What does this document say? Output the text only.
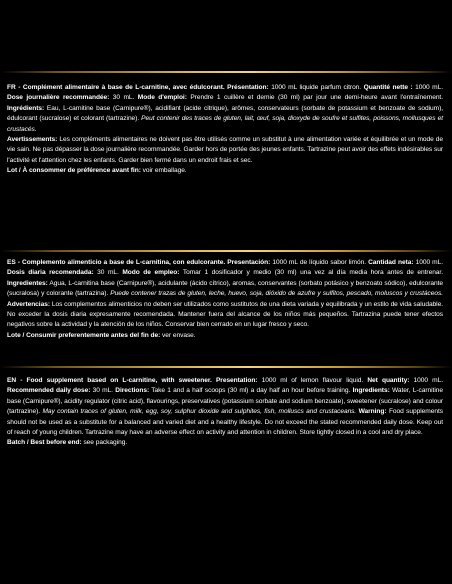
FR - Complément alimentaire à base de L-carnitine, avec édulcorant. Présentation: 1000 mL liquide parfum citron. Quantité nette : 1000 mL. Dose journalière recommandée: 30 mL. Mode d'emploi: Prendre 1 cuillère et demie (30 ml) par jour une demi-heure avant l'entraînement. Ingrédients: Eau, L-carnitine base (Carnipure®), acidifiant (acide citrique), arômes, conservateurs (sorbate de potassium et benzoate de sodium), édulcorant (sucralose) et colorant (tartrazine). Peut contenir des traces de gluten, lait, œuf, soja, dioxyde de soufre et sulfites, poissons, mollusques et crustacés.

Avertissements: Les compléments alimentaires ne doivent pas être utilisés comme un substitut à une alimentation variée et équilibrée et un mode de vie sain. Ne pas dépasser la dose journalière recommandée. Garder hors de portée des jeunes enfants. Tartrazine peut avoir des effets indésirables sur l'activité et l'attention chez les enfants. Garder bien fermé dans un endroit frais et sec.

Lot / À consommer de préférence avant fin: voir emballage.

ES - Complemento alimenticio a base de L-carnitina, con edulcorante. Presentación: 1000 mL de líquido sabor limón. Cantidad neta: 1000 mL. Dosis diaria recomendada: 30 mL. Modo de empleo: Tomar 1 dosificador y medio (30 ml) una vez al día media hora antes de entrenar. Ingredientes: Agua, L-carnitina base (Carnipure®), acidulante (ácido cítrico), aromas, conservantes (sorbato potásico y benzoato sódico), edulcorante (sucralosa) y colorante (tartrazina). Puede contener trazas de gluten, leche, huevo, soja, dióxido de azufre y sulfitos, pescado, moluscos y crustáceos. Advertencias: Los complementos alimenticios no deben ser utilizados como sustitutos de una dieta variada y equilibrada y un estilo de vida saludable. No exceder la dosis diaria expresamente recomendada. Mantener fuera del alcance de los niños más pequeños. Tartrazina puede tener efectos negativos sobre la actividad y la atención de los niños. Conservar bien cerrado en un lugar fresco y seco.

Lote / Consumir preferentemente antes del fin de: ver envase.

EN - Food supplement based on L-carnitine, with sweetener. Presentation: 1000 ml of lemon flavour liquid. Net quantity: 1000 mL. Recommended daily dose: 30 mL. Directions: Take 1 and a half scoops (30 ml) a day half an hour before training. Ingredients: Water, L-carnitine base (Carnipure®), acidity regulator (citric acid), flavourings, preservatives (potassium sorbate and sodium benzoate), sweetener (sucralose) and colour (tartrazine). May contain traces of gluten, milk, egg, soy, sulphur dioxide and sulphites, fish, molluscs and crustaceans. Warning: Food supplements should not be used as a substitute for a balanced and varied diet and a healthy lifestyle. Do not exceed the stated recommended daily dose. Keep out of reach of young children. Tartrazine may have an adverse effect on activity and attention in children. Store tightly closed in a cool and dry place.

Batch / Best before end: see packaging.
